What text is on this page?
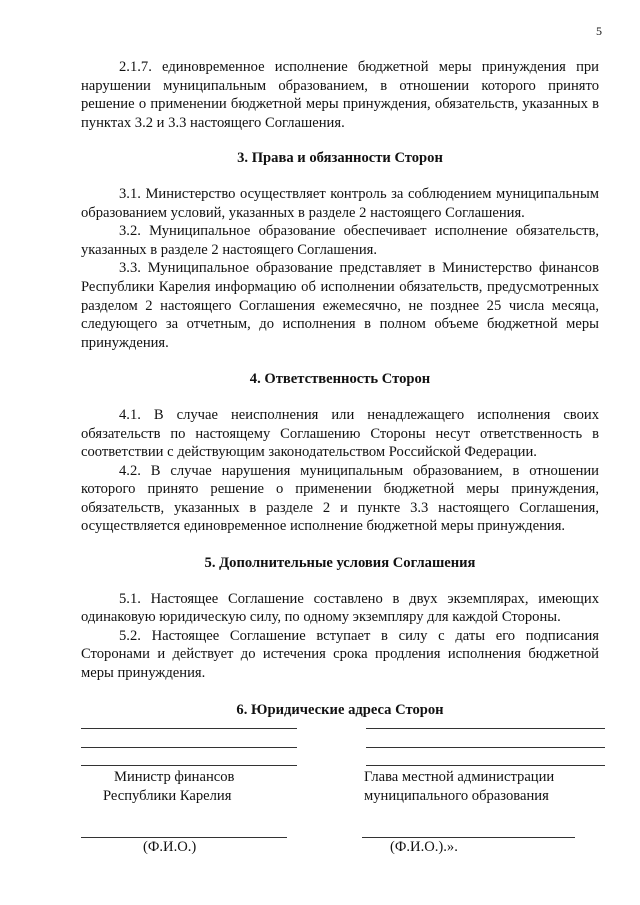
5

2.1.7. единовременное исполнение бюджетной меры принуждения при нарушении муниципальным образованием, в отношении которого принято решение о применении бюджетной меры принуждения, обязательств, указанных в пунктах 3.2 и 3.3 настоящего Соглашения.

3. Права и обязанности Сторон

3.1. Министерство осуществляет контроль за соблюдением муниципальным образованием условий, указанных в разделе 2 настоящего Соглашения.

3.2. Муниципальное образование обеспечивает исполнение обязательств, указанных в разделе 2 настоящего Соглашения.

3.3. Муниципальное образование представляет в Министерство финансов Республики Карелия информацию об исполнении обязательств, предусмотренных разделом 2 настоящего Соглашения ежемесячно, не позднее 25 числа месяца, следующего за отчетным, до исполнения в полном объеме бюджетной меры принуждения.

4. Ответственность Сторон

4.1. В случае неисполнения или ненадлежащего исполнения своих обязательств по настоящему Соглашению Стороны несут ответственность в соответствии с действующим законодательством Российской Федерации.

4.2. В случае нарушения муниципальным образованием, в отношении которого принято решение о применении бюджетной меры принуждения, обязательств, указанных в разделе 2 и пункте 3.3 настоящего Соглашения, осуществляется единовременное исполнение бюджетной меры принуждения.

5. Дополнительные условия Соглашения

5.1. Настоящее Соглашение составлено в двух экземплярах, имеющих одинаковую юридическую силу, по одному экземпляру для каждой Стороны.

5.2. Настоящее Соглашение вступает в силу с даты его подписания Сторонами и действует до истечения срока продления исполнения бюджетной меры принуждения.

6. Юридические адреса Сторон
Министр финансов
Республики Карелия
Глава местной администрации
муниципального образования
(Ф.И.О.)	(Ф.И.О.).».
